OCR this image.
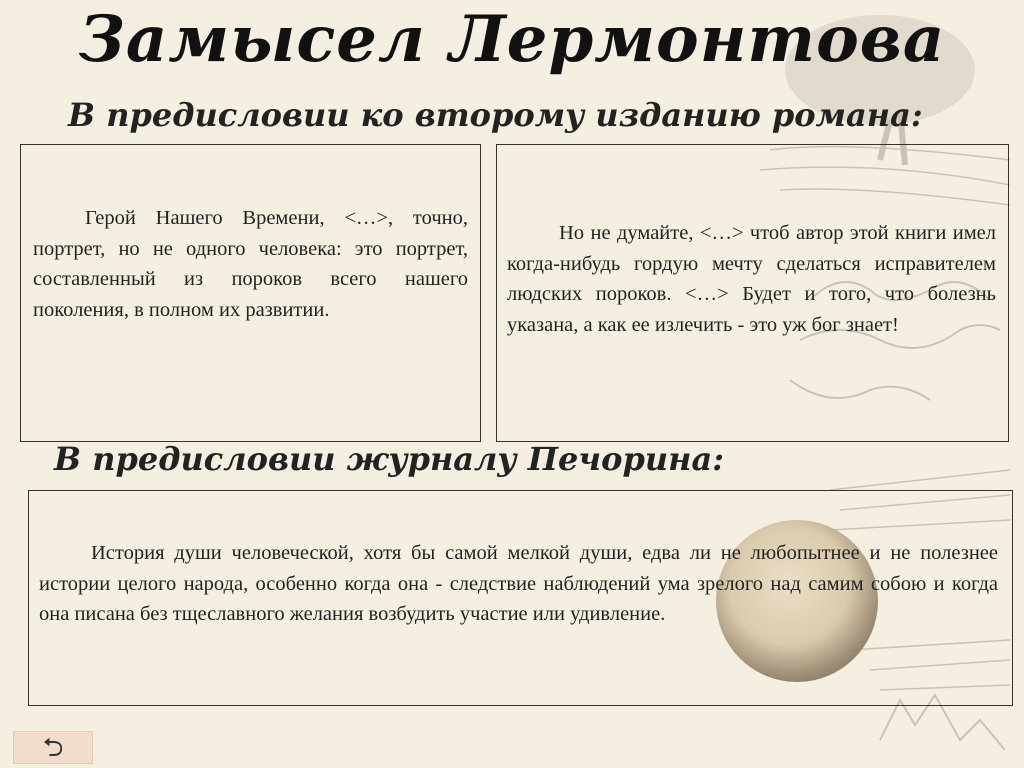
Замысел Лермонтова
В предисловии ко второму изданию романа:

Герой Нашего Времени, <…>, точно, портрет, но не одного человека: это портрет, составленный из пороков всего нашего поколения, в полном их развитии.

Но не думайте, <…> чтоб автор этой книги имел когда-нибудь гордую мечту сделаться исправителем людских пороков. <…> Будет и того, что болезнь указана, а как ее излечить - это уж бог знает!

В предисловии журналу Печорина:

История души человеческой, хотя бы самой мелкой души, едва ли не любопытнее и не полезнее истории целого народа, особенно когда она - следствие наблюдений ума зрелого над самим собою и когда она писана без тщеславного желания возбудить участие или удивление.

⮌
